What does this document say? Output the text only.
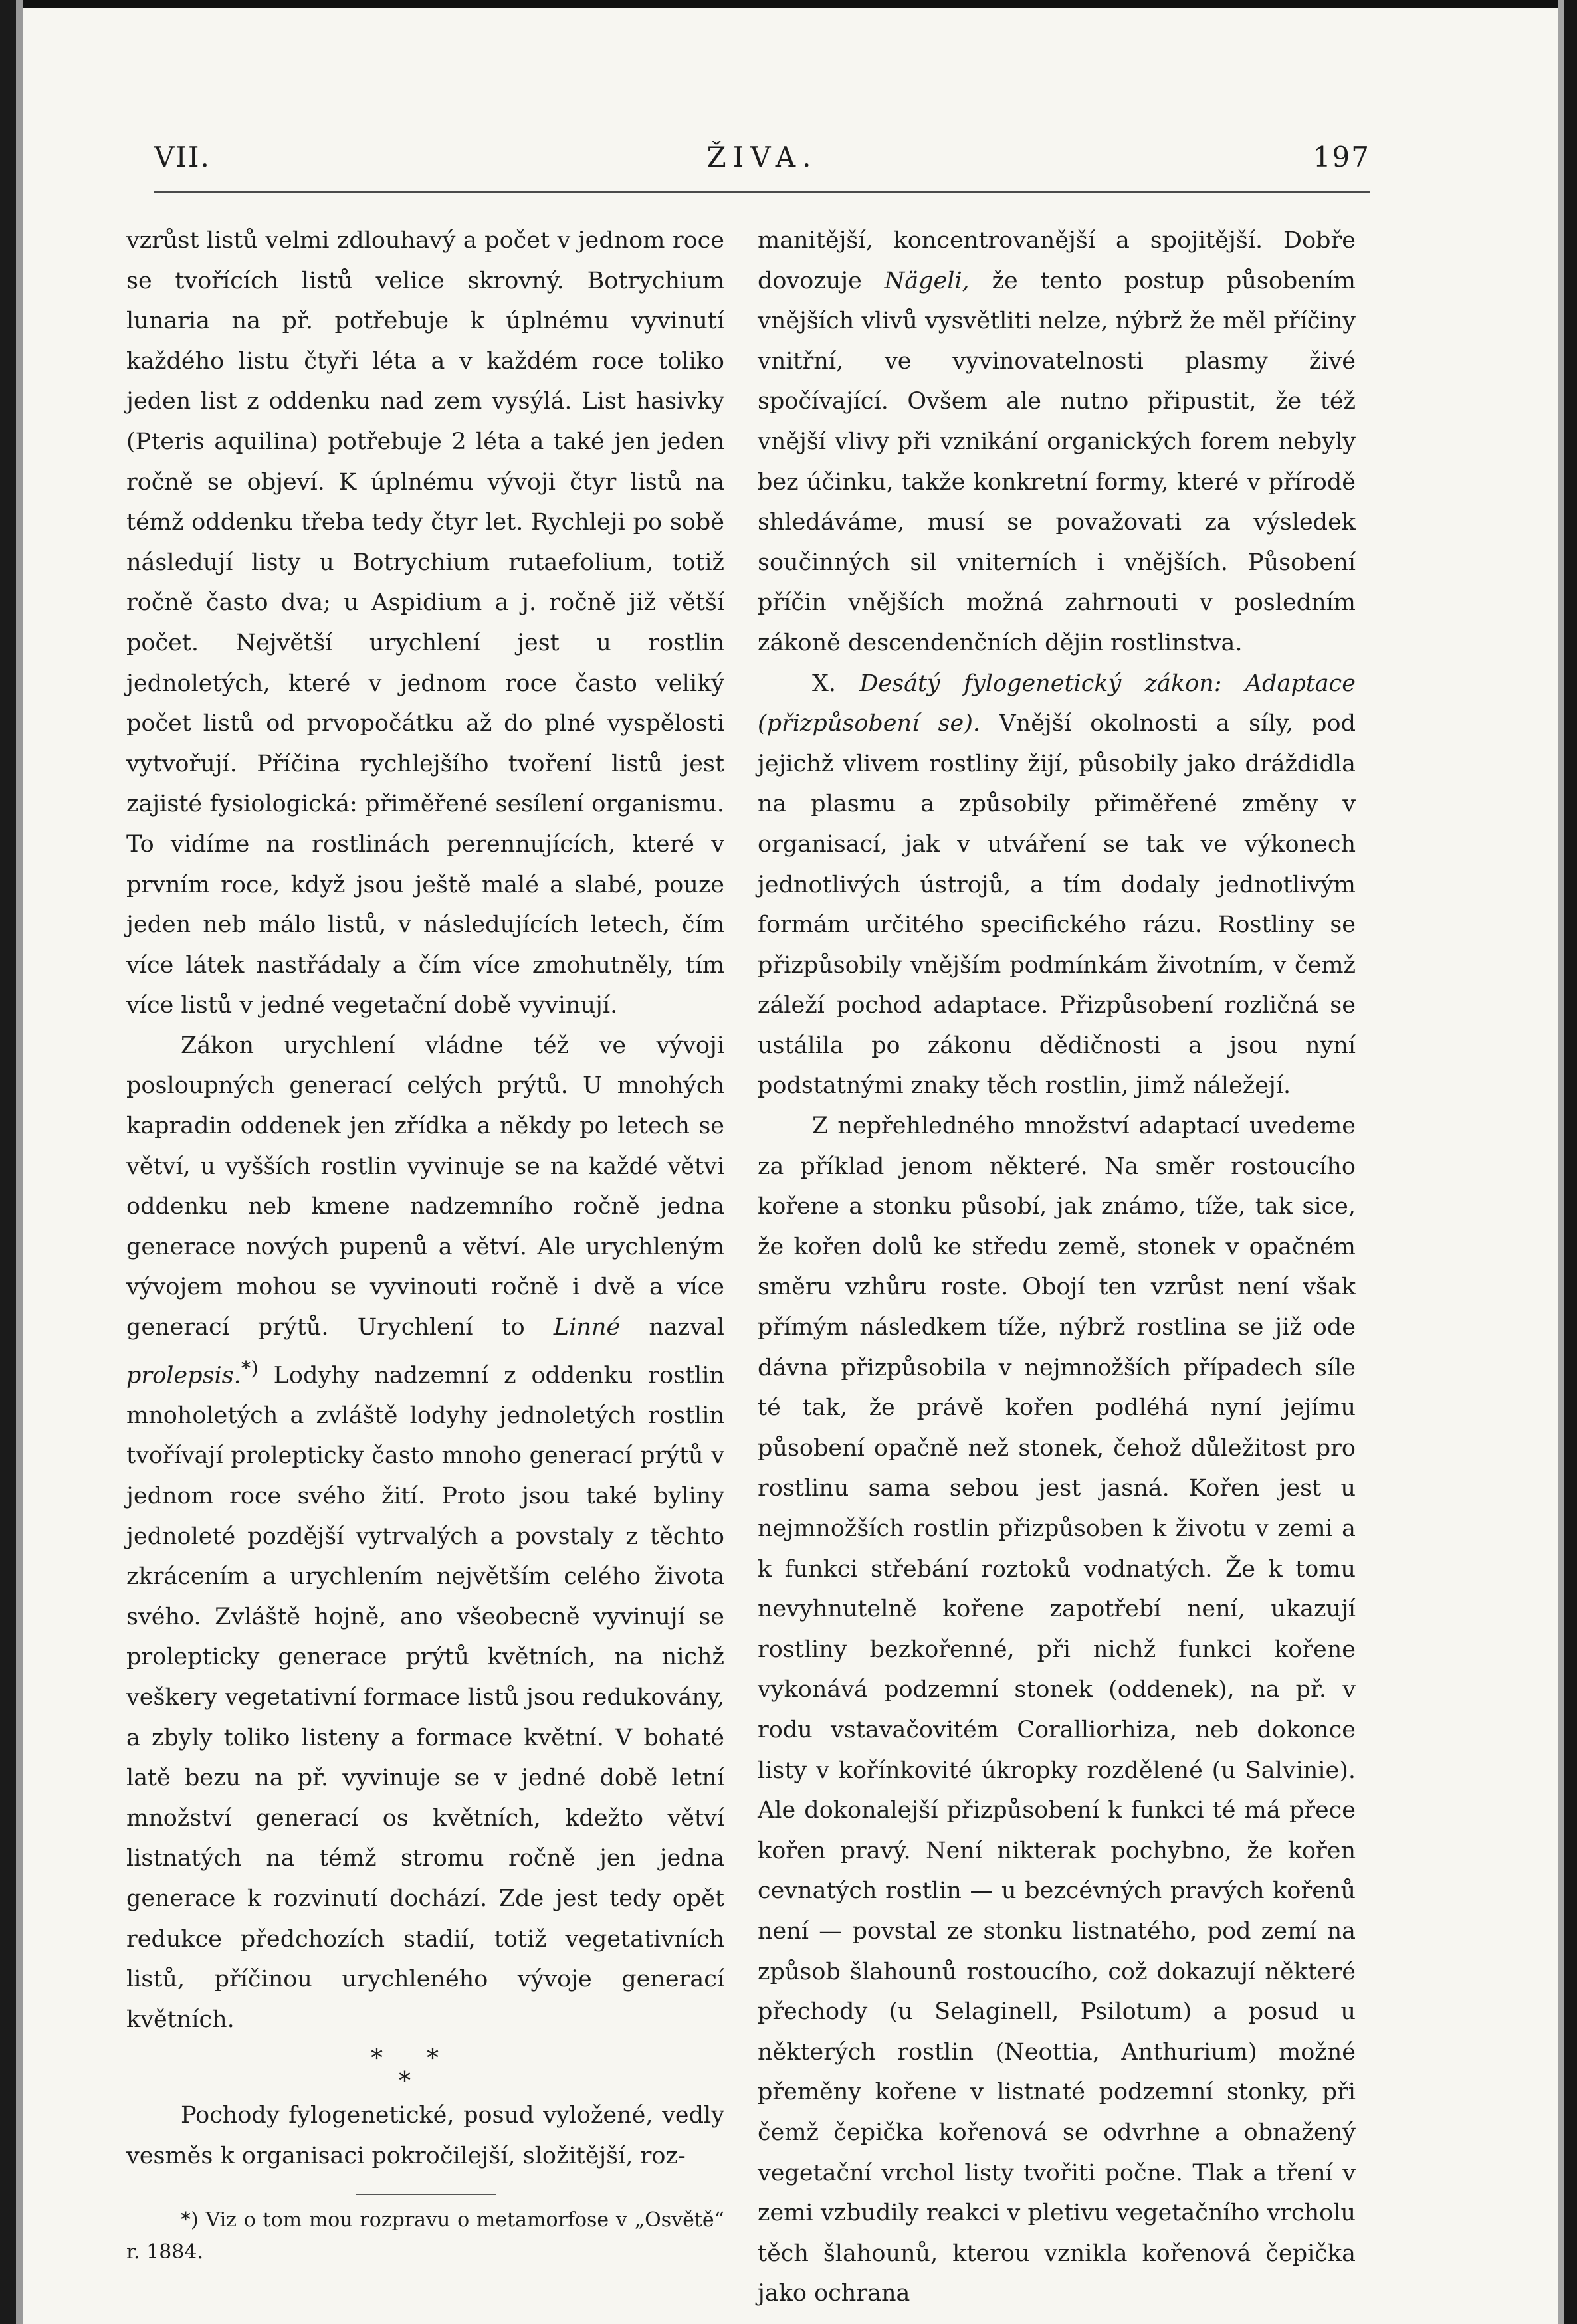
VII.	ŽIVA.	197

vzrůst listů velmi zdlouhavý a počet v jednom roce se tvořících listů velice skrovný. Botrychium lunaria na př. potřebuje k úplnému vyvinutí každého listu čtyři léta a v každém roce toliko jeden list z oddenku nad zem vysýlá. List hasivky (Pteris aquilina) potřebuje 2 léta a také jen jeden ročně se objeví. K úplnému vývoji čtyr listů na témž oddenku třeba tedy čtyr let. Rychleji po sobě následují listy u Botrychium rutaefolium, totiž ročně často dva; u Aspidium a j. ročně již větší počet. Největší urychlení jest u rostlin jednoletých, které v jednom roce často veliký počet listů od prvopočátku až do plné vyspělosti vytvořují. Příčina rychlejšího tvoření listů jest zajisté fysiologická: přiměřené sesílení organismu. To vidíme na rostlinách perennujících, které v prvním roce, když jsou ještě malé a slabé, pouze jeden neb málo listů, v následujících letech, čím více látek nastřádaly a čím více zmohutněly, tím více listů v jedné vegetační době vyvinují.

Zákon urychlení vládne též ve vývoji posloupných generací celých prýtů. U mnohých kapradin oddenek jen zřídka a někdy po letech se větví, u vyšších rostlin vyvinuje se na každé větvi oddenku neb kmene nadzemního ročně jedna generace nových pupenů a větví. Ale urychleným vývojem mohou se vyvinouti ročně i dvě a více generací prýtů. Urychlení to Linné nazval prolepsis.*) Lodyhy nadzemní z oddenku rostlin mnoholetých a zvláště lodyhy jednoletých rostlin tvořívají prolepticky často mnoho generací prýtů v jednom roce svého žití. Proto jsou také byliny jednoleté pozdější vytrvalých a povstaly z těchto zkrácením a urychlením největším celého života svého. Zvláště hojně, ano všeobecně vyvinují se prolepticky generace prýtů květních, na nichž veškery vegetativní formace listů jsou redukovány, a zbyly toliko listeny a formace květní. V bohaté latě bezu na př. vyvinuje se v jedné době letní množství generací os květních, kdežto větví listnatých na témž stromu ročně jen jedna generace k rozvinutí dochází. Zde jest tedy opět redukce předchozích stadií, totiž vegetativních listů, příčinou urychleného vývoje generací květních.

* *
*

Pochody fylogenetické, posud vyložené, vedly vesměs k organisaci pokročilejší, složitější, roz-

*) Viz o tom mou rozpravu o metamorfose v „Osvětě“ r. 1884.

manitější, koncentrovanější a spojitější. Dobře dovozuje Nägeli, že tento postup působením vnějších vlivů vysvětliti nelze, nýbrž že měl příčiny vnitřní, ve vyvinovatelnosti plasmy živé spočívající. Ovšem ale nutno připustit, že též vnější vlivy při vznikání organických forem nebyly bez účinku, takže konkretní formy, které v přírodě shledáváme, musí se považovati za výsledek součinných sil vniterních i vnějších. Působení příčin vnějších možná zahrnouti v posledním zákoně descendenčních dějin rostlinstva.

X. Desátý fylogenetický zákon: Adaptace (přizpůsobení se). Vnější okolnosti a síly, pod jejichž vlivem rostliny žijí, působily jako dráždidla na plasmu a způsobily přiměřené změny v organisací, jak v utváření se tak ve výkonech jednotlivých ústrojů, a tím dodaly jednotlivým formám určitého specifického rázu. Rostliny se přizpůsobily vnějším podmínkám životním, v čemž záleží pochod adaptace. Přizpůsobení rozličná se ustálila po zákonu dědičnosti a jsou nyní podstatnými znaky těch rostlin, jimž náležejí.

Z nepřehledného množství adaptací uvedeme za příklad jenom některé. Na směr rostoucího kořene a stonku působí, jak známo, tíže, tak sice, že kořen dolů ke středu země, stonek v opačném směru vzhůru roste. Obojí ten vzrůst není však přímým následkem tíže, nýbrž rostlina se již ode dávna přizpůsobila v nejmnožších případech síle té tak, že právě kořen podléhá nyní jejímu působení opačně než stonek, čehož důležitost pro rostlinu sama sebou jest jasná. Kořen jest u nejmnožších rostlin přizpůsoben k životu v zemi a k funkci střebání roztoků vodnatých. Že k tomu nevyhnutelně kořene zapotřebí není, ukazují rostliny bezkořenné, při nichž funkci kořene vykonává podzemní stonek (oddenek), na př. v rodu vstavačovitém Coralliorhiza, neb dokonce listy v kořínkovité úkropky rozdělené (u Salvinie). Ale dokonalejší přizpůsobení k funkci té má přece kořen pravý. Není nikterak pochybno, že kořen cevnatých rostlin — u bezcévných pravých kořenů není — povstal ze stonku listnatého, pod zemí na způsob šlahounů rostoucího, což dokazují některé přechody (u Selaginell, Psilotum) a posud u některých rostlin (Neottia, Anthurium) možné přeměny kořene v listnaté podzemní stonky, při čemž čepička kořenová se odvrhne a obnažený vegetační vrchol listy tvořiti počne. Tlak a tření v zemi vzbudily reakci v pletivu vegetačního vrcholu těch šlahounů, kterou vznikla kořenová čepička jako ochrana
